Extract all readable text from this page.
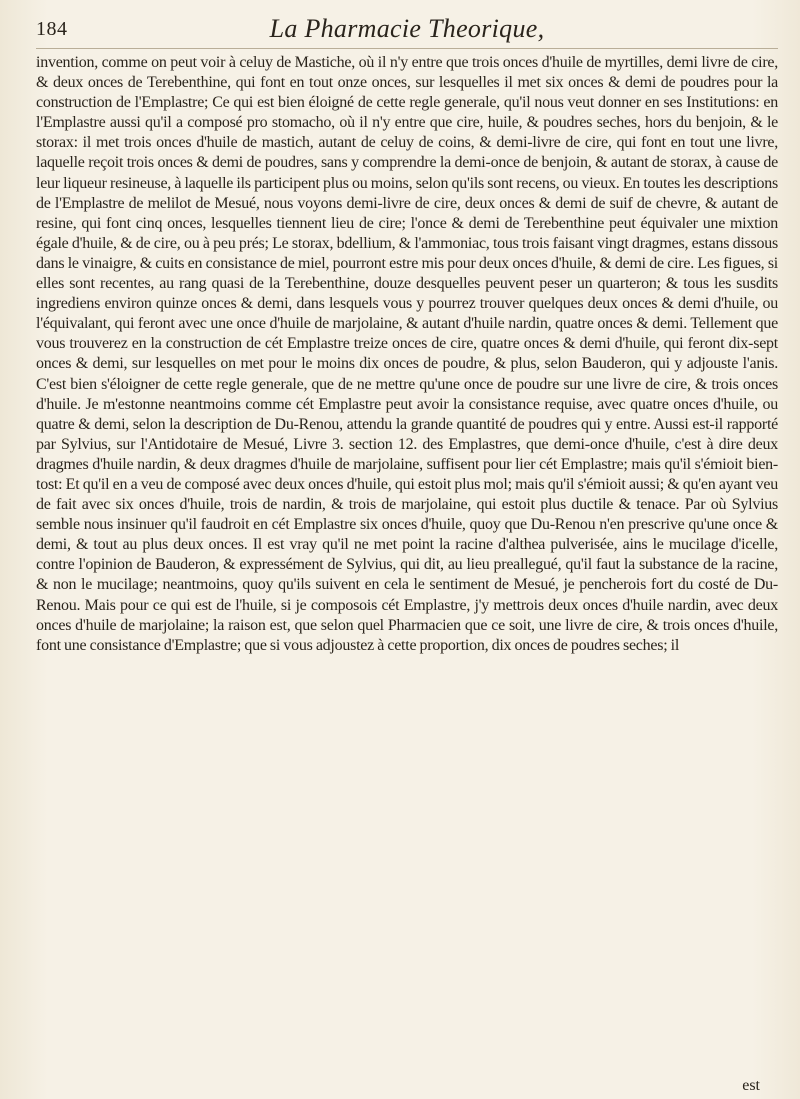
184	La Pharmacie Theorique,

invention, comme on peut voir à celuy de Mastiche, où il n'y entre que trois onces d'huile de myrtilles, demi livre de cire, & deux onces de Terebenthine, qui font en tout onze onces, sur lesquelles il met six onces & demi de poudres pour la construction de l'Emplastre; Ce qui est bien éloigné de cette regle generale, qu'il nous veut donner en ses Institutions: en l'Emplastre aussi qu'il a composé pro stomacho, où il n'y entre que cire, huile, & poudres seches, hors du benjoin, & le storax: il met trois onces d'huile de mastich, autant de celuy de coins, & demi-livre de cire, qui font en tout une livre, laquelle reçoit trois onces & demi de poudres, sans y comprendre la demi-once de benjoin, & autant de storax, à cause de leur liqueur resineuse, à laquelle ils participent plus ou moins, selon qu'ils sont recens, ou vieux. En toutes les descriptions de l'Emplastre de melilot de Mesué, nous voyons demi-livre de cire, deux onces & demi de suif de chevre, & autant de resine, qui font cinq onces, lesquelles tiennent lieu de cire; l'once & demi de Terebenthine peut équivaler une mixtion égale d'huile, & de cire, ou à peu prés; Le storax, bdellium, & l'ammoniac, tous trois faisant vingt dragmes, estans dissous dans le vinaigre, & cuits en consistance de miel, pourront estre mis pour deux onces d'huile, & demi de cire. Les figues, si elles sont recentes, au rang quasi de la Terebenthine, douze desquelles peuvent peser un quarteron; & tous les susdits ingrediens environ quinze onces & demi, dans lesquels vous y pourrez trouver quelques deux onces & demi d'huile, ou l'équivalant, qui feront avec une once d'huile de marjolaine, & autant d'huile nardin, quatre onces & demi. Tellement que vous trouverez en la construction de cét Emplastre treize onces de cire, quatre onces & demi d'huile, qui feront dix-sept onces & demi, sur lesquelles on met pour le moins dix onces de poudre, & plus, selon Bauderon, qui y adjouste l'anis. C'est bien s'éloigner de cette regle generale, que de ne mettre qu'une once de poudre sur une livre de cire, & trois onces d'huile. Je m'estonne neantmoins comme cét Emplastre peut avoir la consistance requise, avec quatre onces d'huile, ou quatre & demi, selon la description de Du-Renou, attendu la grande quantité de poudres qui y entre. Aussi est-il rapporté par Sylvius, sur l'Antidotaire de Mesué, Livre 3. section 12. des Emplastres, que demi-once d'huile, c'est à dire deux dragmes d'huile nardin, & deux dragmes d'huile de marjolaine, suffisent pour lier cét Emplastre; mais qu'il s'émioit bien-tost: Et qu'il en a veu de composé avec deux onces d'huile, qui estoit plus mol; mais qu'il s'émioit aussi; & qu'en ayant veu de fait avec six onces d'huile, trois de nardin, & trois de marjolaine, qui estoit plus ductile & tenace. Par où Sylvius semble nous insinuer qu'il faudroit en cét Emplastre six onces d'huile, quoy que Du-Renou n'en prescrive qu'une once & demi, & tout au plus deux onces. Il est vray qu'il ne met point la racine d'althea pulverisée, ains le mucilage d'icelle, contre l'opinion de Bauderon, & expressément de Sylvius, qui dit, au lieu preallegué, qu'il faut la substance de la racine, & non le mucilage; neantmoins, quoy qu'ils suivent en cela le sentiment de Mesué, je pencherois fort du costé de Du-Renou. Mais pour ce qui est de l'huile, si je composois cét Emplastre, j'y mettrois deux onces d'huile nardin, avec deux onces d'huile de marjolaine; la raison est, que selon quel Pharmacien que ce soit, une livre de cire, & trois onces d'huile, font une consistance d'Emplastre; que si vous adjoustez à cette proportion, dix onces de poudres seches; il

est
